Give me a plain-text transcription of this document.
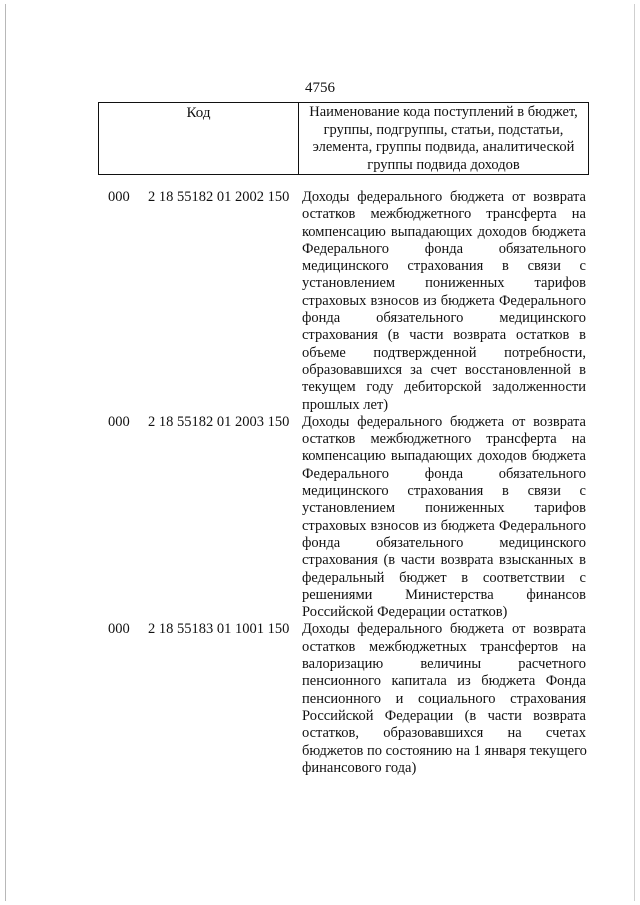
4756
Код	Наименование кода поступлений в бюджет,
группы, подгруппы, статьи, подстатьи,
элемента, группы подвида, аналитической
группы подвида доходов
000 2 18 55182 01 2002 150 Доходы федерального бюджета от возврата
остатков межбюджетного трансферта на
компенсацию выпадающих доходов бюджета
Федерального фонда обязательного
медицинского страхования в связи с
установлением пониженных тарифов
страховых взносов из бюджета Федерального
фонда обязательного медицинского
страхования (в части возврата остатков в
объеме подтвержденной потребности,
образовавшихся за счет восстановленной в
текущем году дебиторской задолженности
прошлых лет)
000 2 18 55182 01 2003 150 Доходы федерального бюджета от возврата
остатков межбюджетного трансферта на
компенсацию выпадающих доходов бюджета
Федерального фонда обязательного
медицинского страхования в связи с
установлением пониженных тарифов
страховых взносов из бюджета Федерального
фонда обязательного медицинского
страхования (в части возврата взысканных в
федеральный бюджет в соответствии с
решениями Министерства финансов
Российской Федерации остатков)
000 2 18 55183 01 1001 150 Доходы федерального бюджета от возврата
остатков межбюджетных трансфертов на
валоризацию величины расчетного
пенсионного капитала из бюджета Фонда
пенсионного и социального страхования
Российской Федерации (в части возврата
остатков, образовавшихся на счетах
бюджетов по состоянию на 1 января текущего
финансового года)
